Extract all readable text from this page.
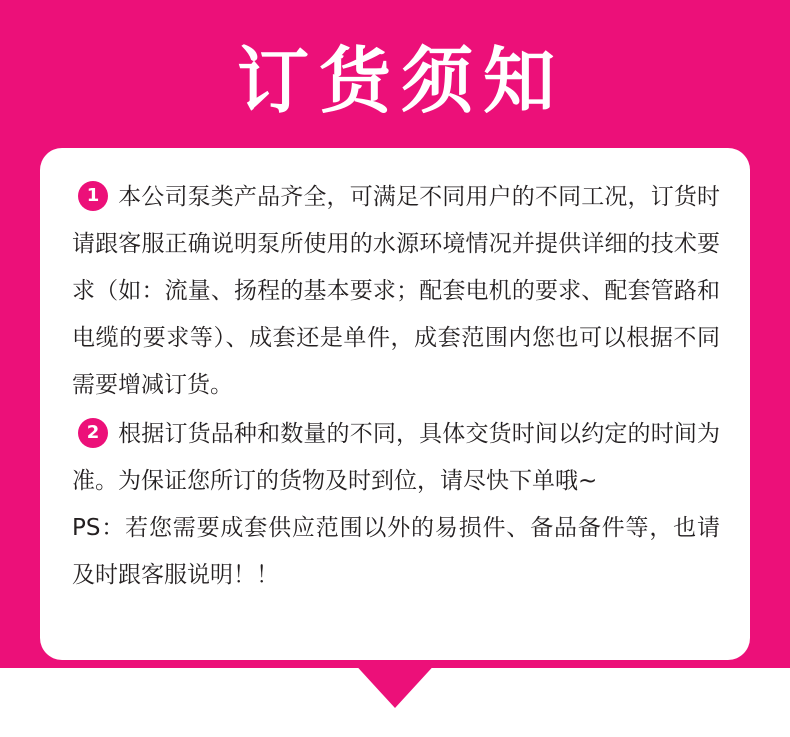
订货须知
1 本公司泵类产品齐全，可满足不同用户的不同工况，订货时请跟客服正确说明泵所使用的水源环境情况并提供详细的技术要求（如：流量、扬程的基本要求；配套电机的要求、配套管路和电缆的要求等）、成套还是单件，成套范围内您也可以根据不同需要增减订货。
2 根据订货品种和数量的不同，具体交货时间以约定的时间为准。为保证您所订的货物及时到位，请尽快下单哦~
PS：若您需要成套供应范围以外的易损件、备品备件等，也请及时跟客服说明！！
